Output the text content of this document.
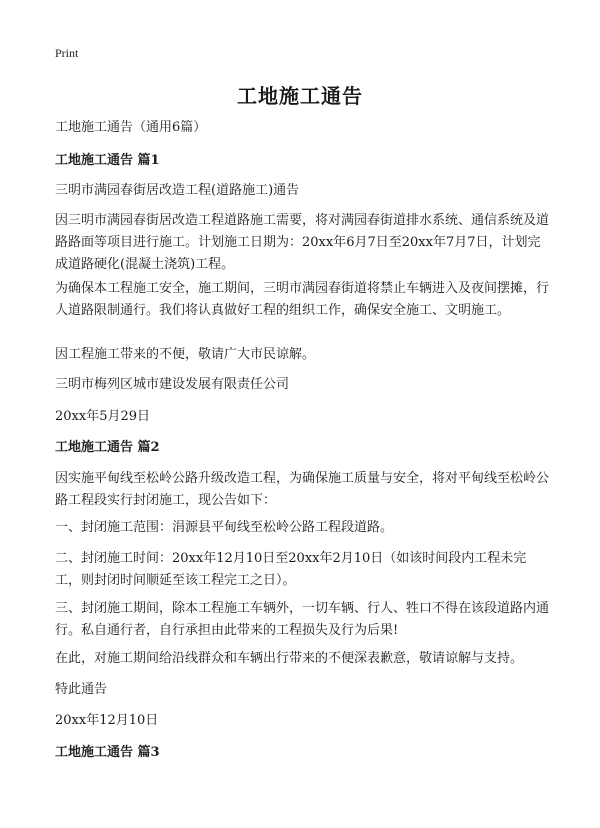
Print
工地施工通告

工地施工通告（通用6篇）

工地施工通告 篇1

三明市满园春街居改造工程(道路施工)通告

因三明市满园春街居改造工程道路施工需要，将对满园春街道排水系统、通信系统及道路路面等项目进行施工。计划施工日期为：20xx年6月7日至20xx年7月7日，计划完成道路硬化(混凝土浇筑)工程。

为确保本工程施工安全，施工期间，三明市满园春街道将禁止车辆进入及夜间摆摊，行人道路限制通行。我们将认真做好工程的组织工作，确保安全施工、文明施工。

因工程施工带来的不便，敬请广大市民谅解。

三明市梅列区城市建设发展有限责任公司

20xx年5月29日

工地施工通告 篇2

因实施平甸线至松岭公路升级改造工程，为确保施工质量与安全，将对平甸线至松岭公路工程段实行封闭施工，现公告如下：

一、封闭施工范围：涓源县平甸线至松岭公路工程段道路。

二、封闭施工时间：20xx年12月10日至20xx年2月10日（如该时间段内工程未完工，则封闭时间顺延至该工程完工之日）。

三、封闭施工期间，除本工程施工车辆外，一切车辆、行人、牲口不得在该段道路内通行。私自通行者，自行承担由此带来的工程损失及行为后果!

在此，对施工期间给沿线群众和车辆出行带来的不便深表歉意，敬请谅解与支持。

特此通告

20xx年12月10日

工地施工通告 篇3
